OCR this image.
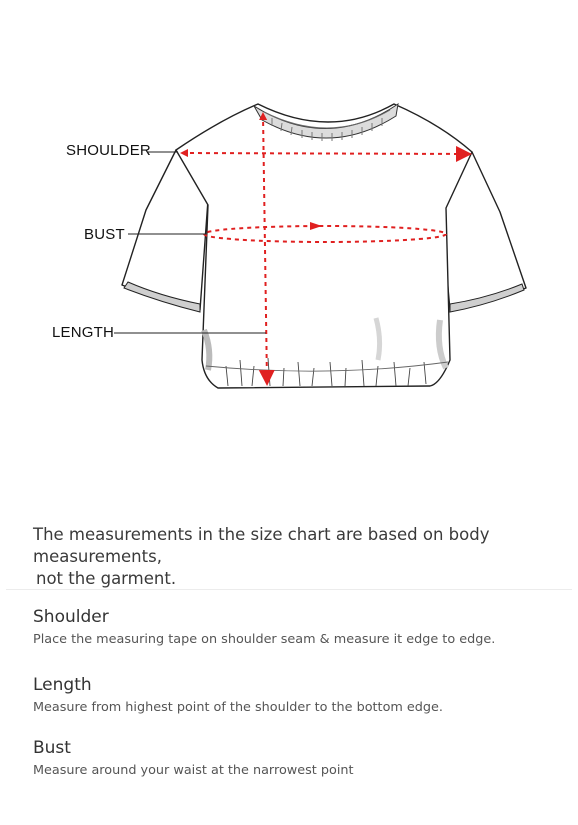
SHOULDER
BUST
LENGTH
The measurements in the size chart are based on body measurements,
not the garment.

Shoulder

Place the measuring tape on shoulder seam & measure it edge to edge.

Length

Measure from highest point of the shoulder to the bottom edge.

Bust

Measure around your waist at the narrowest point
